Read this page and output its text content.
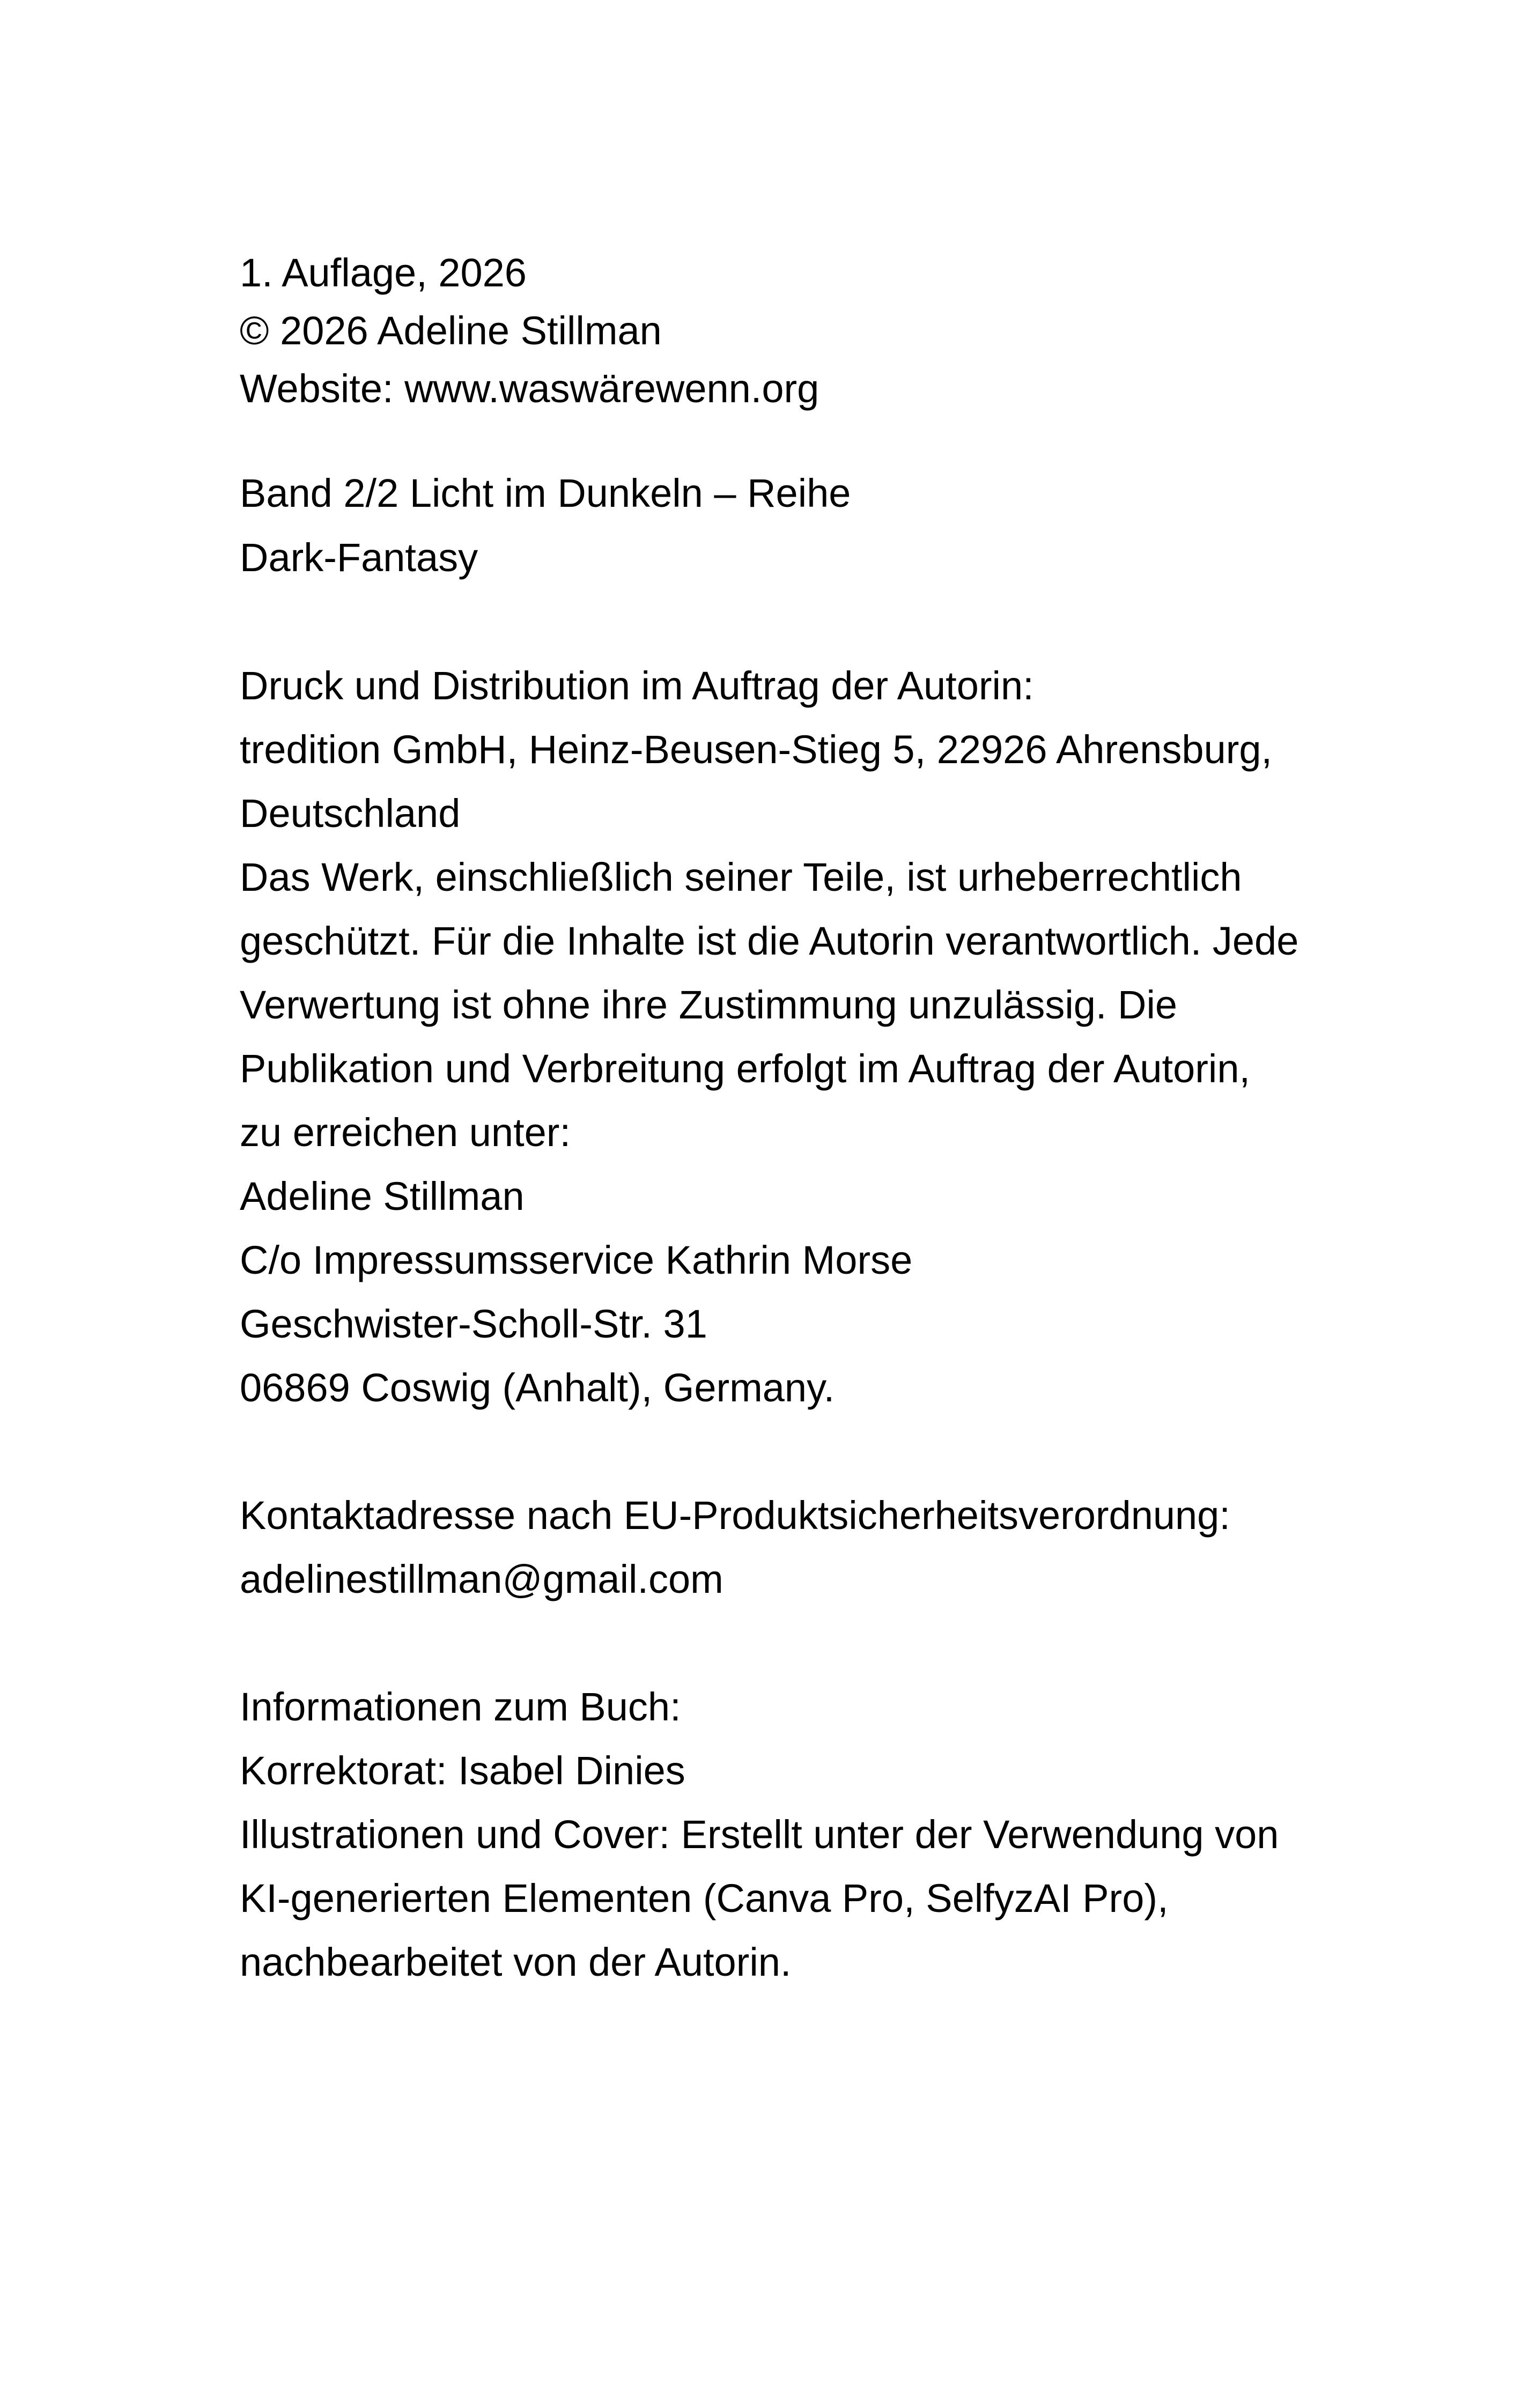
1. Auflage, 2026
© 2026 Adeline Stillman
Website: www.waswärewenn.org
Band 2/2 Licht im Dunkeln – Reihe
Dark-Fantasy
Druck und Distribution im Auftrag der Autorin:
tredition GmbH, Heinz-Beusen-Stieg 5, 22926 Ahrensburg,
Deutschland
Das Werk, einschließlich seiner Teile, ist urheberrechtlich
geschützt. Für die Inhalte ist die Autorin verantwortlich. Jede
Verwertung ist ohne ihre Zustimmung unzulässig. Die
Publikation und Verbreitung erfolgt im Auftrag der Autorin,
zu erreichen unter:
Adeline Stillman
C/o Impressumsservice Kathrin Morse
Geschwister-Scholl-Str. 31
06869 Coswig (Anhalt), Germany.
Kontaktadresse nach EU-Produktsicherheitsverordnung:
adelinestillman@gmail.com
Informationen zum Buch:
Korrektorat: Isabel Dinies
Illustrationen und Cover: Erstellt unter der Verwendung von
KI-generierten Elementen (Canva Pro, SelfyzAI Pro),
nachbearbeitet von der Autorin.
